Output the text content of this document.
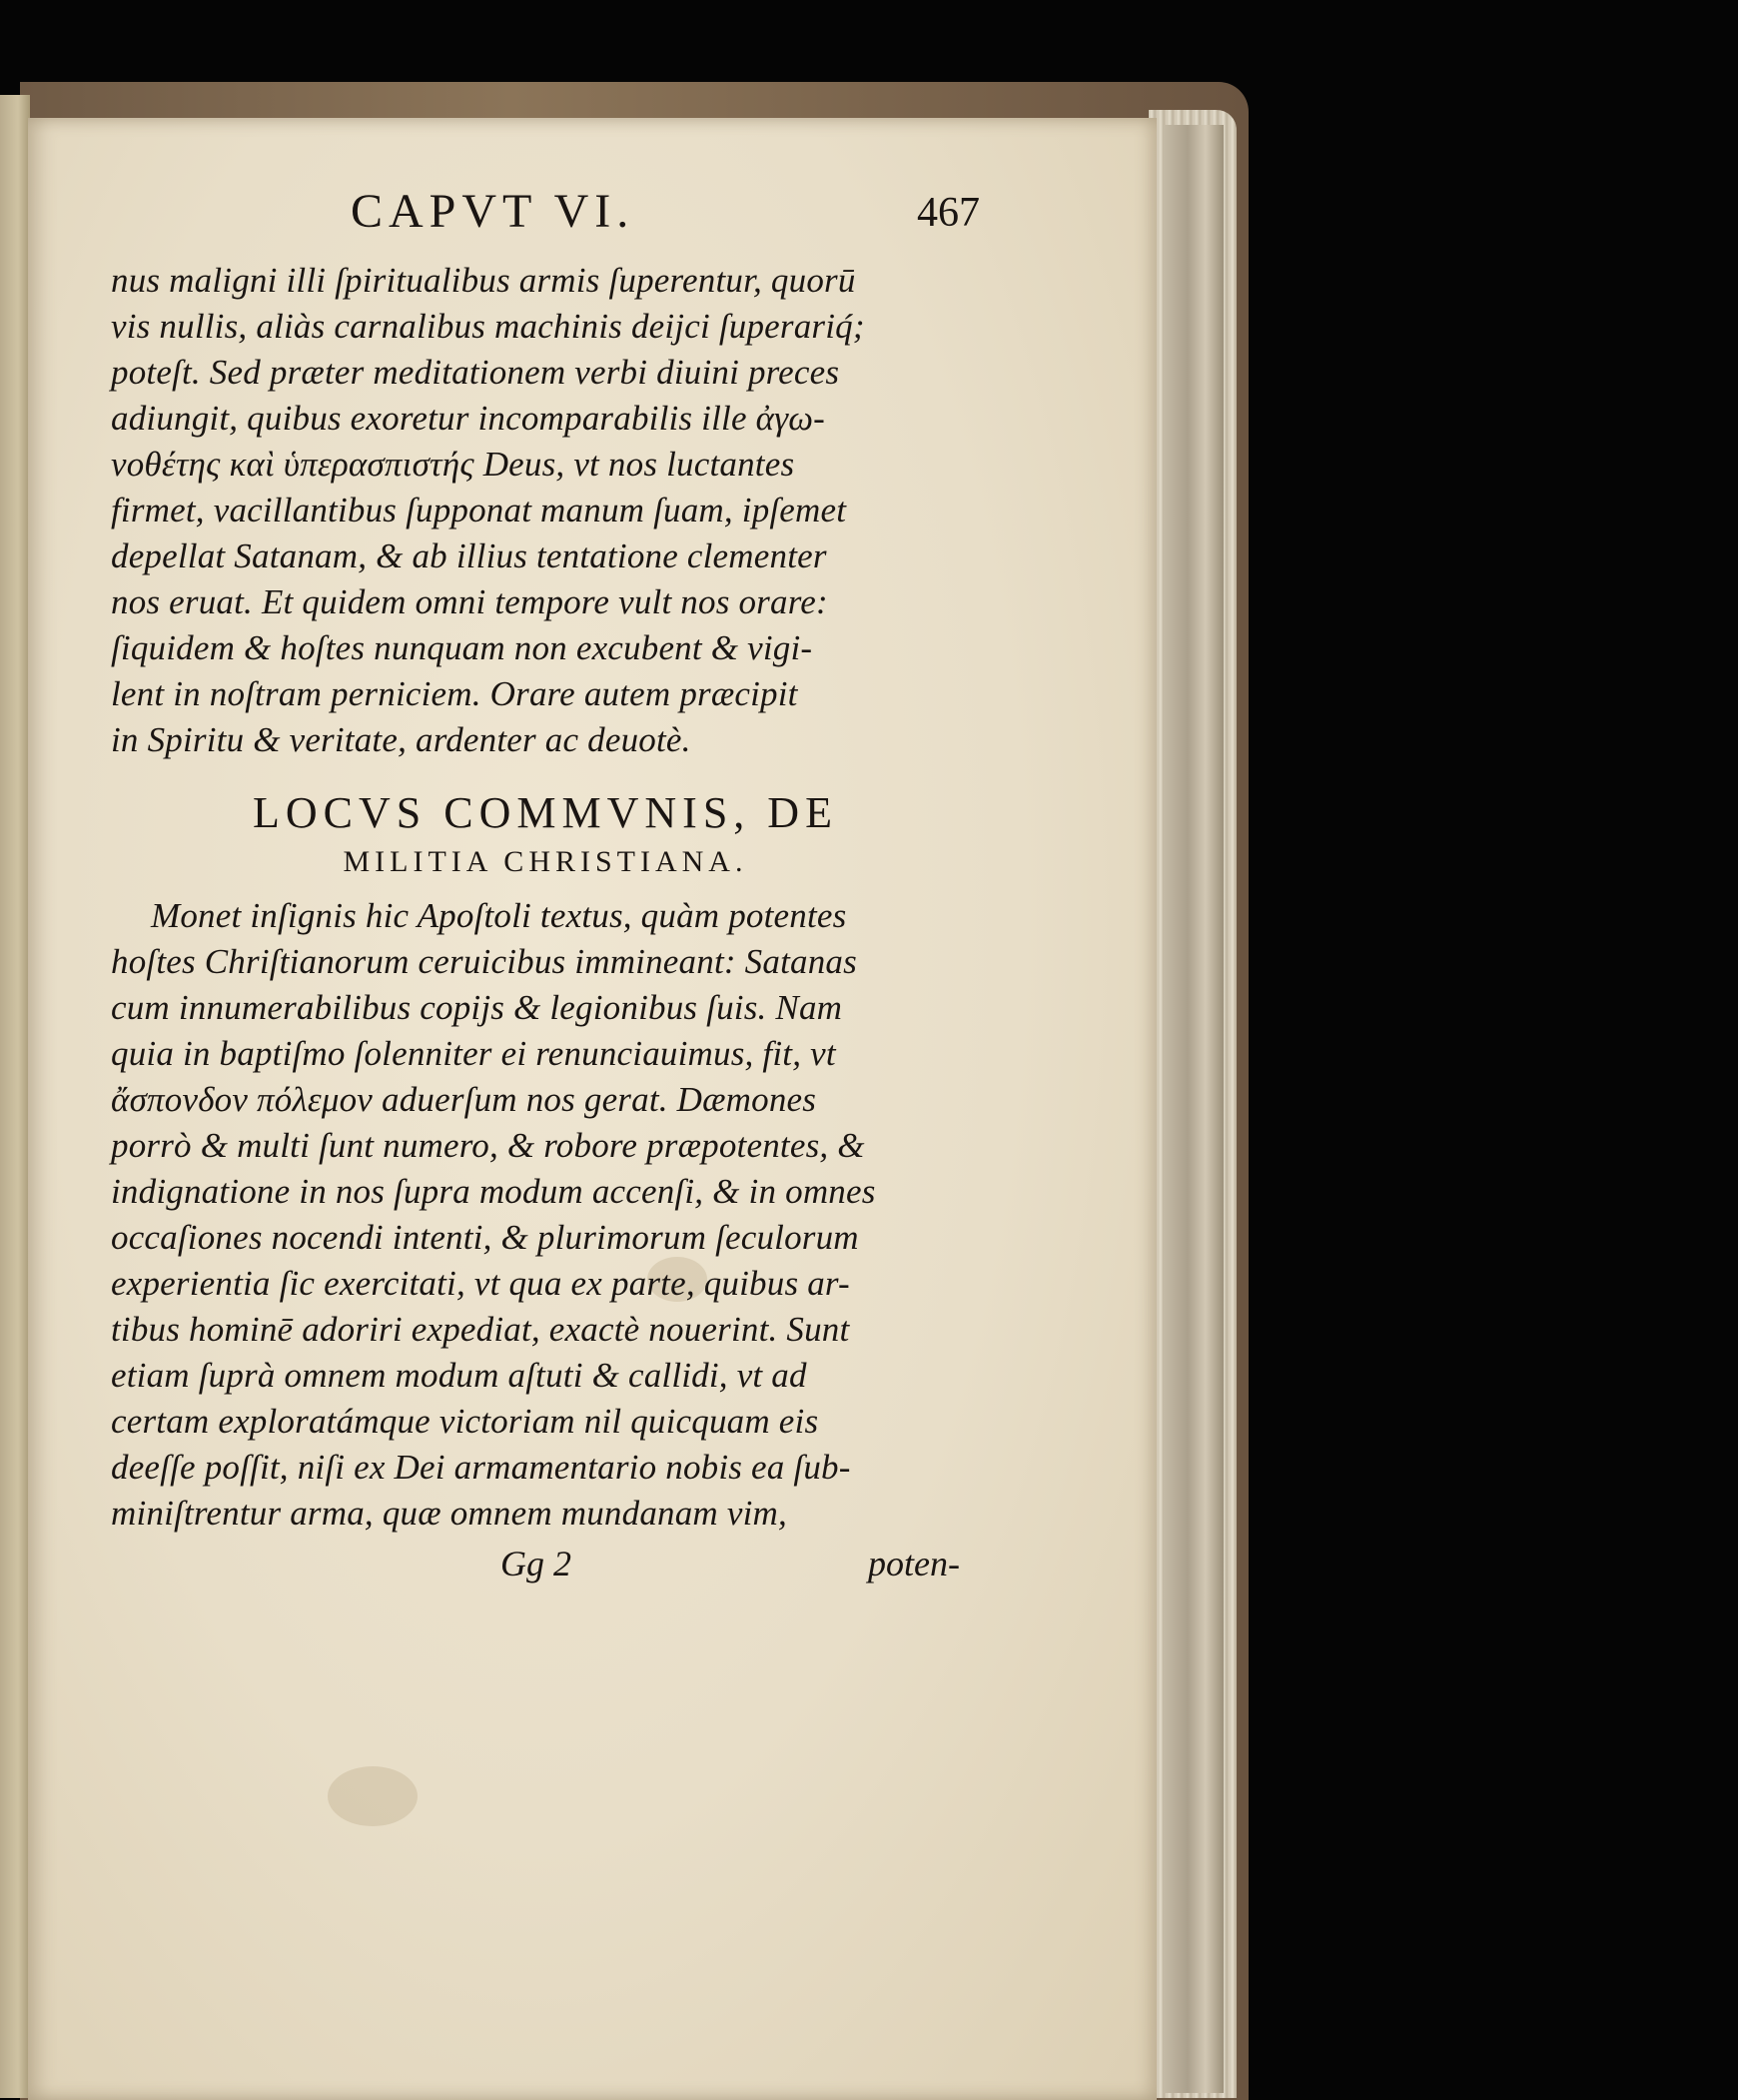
CAPVT VI.	467
nus maligni illi ſpiritualibus armis ſuperentur, quorū
vis nullis, aliàs carnalibus machinis deijci ſuperariq́;
poteſt. Sed præter meditationem verbi diuini preces
adiungit, quibus exoretur incomparabilis ille ἀγω-
νοθέτης καὶ ὑπερασπιστής Deus, vt nos luctantes
firmet, vacillantibus ſupponat manum ſuam, ipſemet
depellat Satanam, & ab illius tentatione clementer
nos eruat. Et quidem omni tempore vult nos orare:
ſiquidem & hoſtes nunquam non excubent & vigi-
lent in noſtram perniciem. Orare autem præcipit
in Spiritu & veritate, ardenter ac deuotè.
LOCVS COMMVNIS, DE
MILITIA CHRISTIANA.
Monet inſignis hic Apoſtoli textus, quàm potentes
hoſtes Chriſtianorum ceruicibus immineant: Satanas
cum innumerabilibus copijs & legionibus ſuis. Nam
quia in baptiſmo ſolenniter ei renunciauimus, fit, vt
ἄσπονδον πόλεμον aduerſum nos gerat. Dæmones
porrò & multi ſunt numero, & robore præpotentes, &
indignatione in nos ſupra modum accenſi, & in omnes
occaſiones nocendi intenti, & plurimorum ſeculorum
experientia ſic exercitati, vt qua ex parte, quibus ar-
tibus hominē adoriri expediat, exactè nouerint. Sunt
etiam ſuprà omnem modum aſtuti & callidi, vt ad
certam exploratámque victoriam nil quicquam eis
deeſſe poſſit, niſi ex Dei armamentario nobis ea ſub-
miniſtrentur arma, quæ omnem mundanam vim,
Gg 2	poten-
